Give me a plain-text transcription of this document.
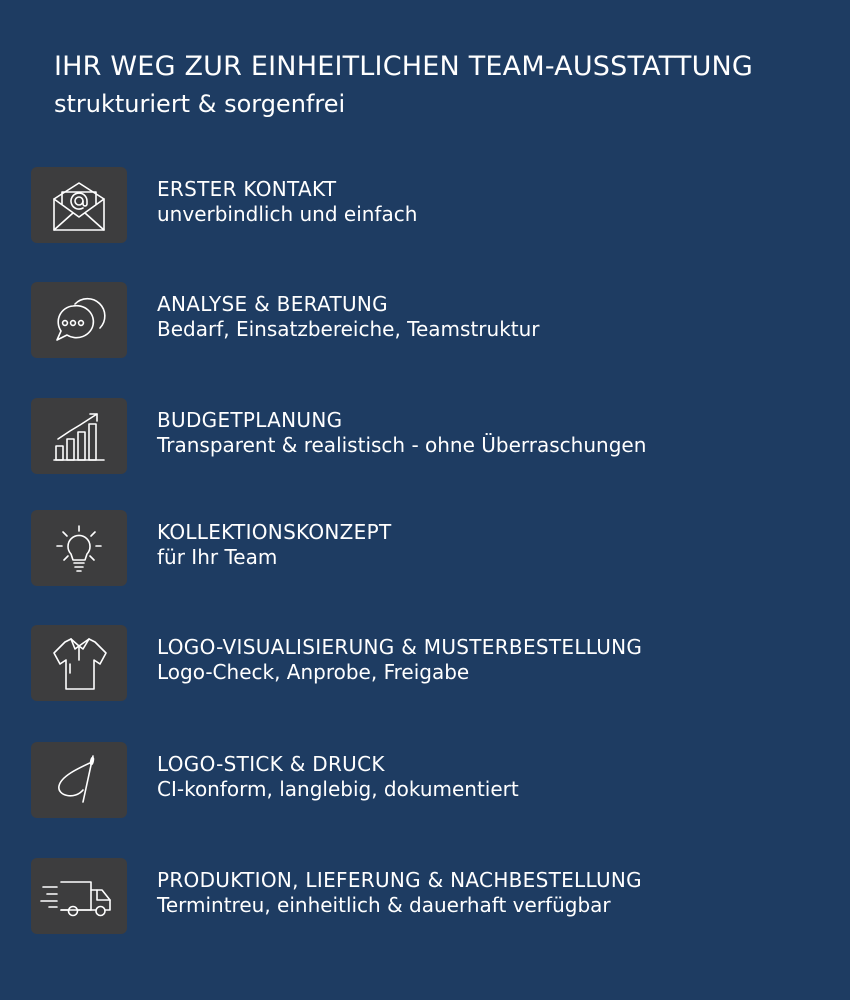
IHR WEG ZUR EINHEITLICHEN TEAM-AUSSTATTUNG
strukturiert & sorgenfrei
ERSTER KONTAKT
unverbindlich und einfach
ANALYSE & BERATUNG
Bedarf, Einsatzbereiche, Teamstruktur
BUDGETPLANUNG
Transparent & realistisch - ohne Überraschungen
KOLLEKTIONSKONZEPT
für Ihr Team
LOGO-VISUALISIERUNG & MUSTERBESTELLUNG
Logo-Check, Anprobe, Freigabe
LOGO-STICK & DRUCK
CI-konform, langlebig, dokumentiert
PRODUKTION, LIEFERUNG & NACHBESTELLUNG
Termintreu, einheitlich & dauerhaft verfügbar
